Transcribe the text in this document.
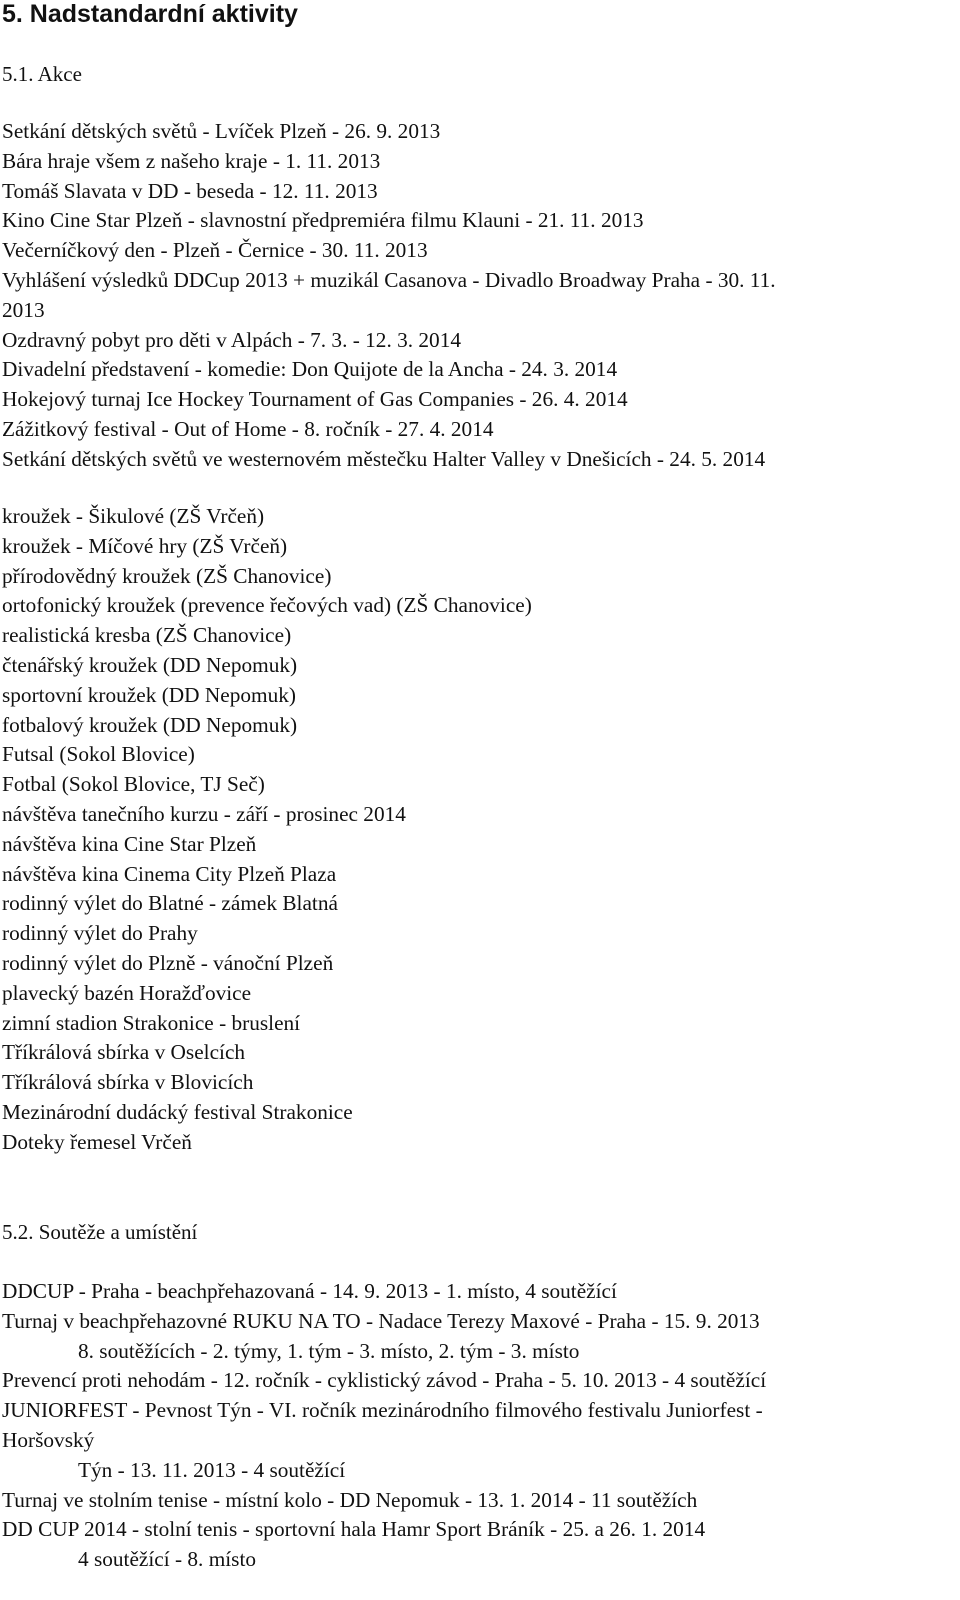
5. Nadstandardní aktivity
5.1. Akce
Setkání dětských světů - Lvíček Plzeň - 26. 9. 2013
Bára hraje všem z našeho kraje - 1. 11. 2013
Tomáš Slavata v DD - beseda - 12. 11. 2013
Kino Cine Star Plzeň - slavnostní předpremiéra filmu Klauni - 21. 11. 2013
Večerníčkový den - Plzeň - Černice - 30. 11. 2013
Vyhlášení výsledků DDCup 2013 + muzikál Casanova - Divadlo Broadway Praha - 30. 11.
2013
Ozdravný pobyt pro děti v Alpách - 7. 3. - 12. 3. 2014
Divadelní představení - komedie: Don Quijote de la Ancha - 24. 3. 2014
Hokejový turnaj Ice Hockey Tournament of Gas Companies - 26. 4. 2014
Zážitkový festival - Out of Home - 8. ročník - 27. 4. 2014
Setkání dětských světů ve westernovém městečku Halter Valley v Dnešicích - 24. 5. 2014
kroužek - Šikulové (ZŠ Vrčeň)
kroužek - Míčové hry (ZŠ Vrčeň)
přírodovědný kroužek (ZŠ Chanovice)
ortofonický kroužek (prevence řečových vad) (ZŠ Chanovice)
realistická kresba (ZŠ Chanovice)
čtenářský kroužek (DD Nepomuk)
sportovní kroužek (DD Nepomuk)
fotbalový kroužek (DD Nepomuk)
Futsal (Sokol Blovice)
Fotbal (Sokol Blovice, TJ Seč)
návštěva tanečního kurzu - září - prosinec 2014
návštěva kina Cine Star Plzeň
návštěva kina Cinema City Plzeň Plaza
rodinný výlet do Blatné - zámek Blatná
rodinný výlet do Prahy
rodinný výlet do Plzně - vánoční Plzeň
plavecký bazén Horažďovice
zimní stadion Strakonice - bruslení
Tříkrálová sbírka v Oselcích
Tříkrálová sbírka v Blovicích
Mezinárodní dudácký festival Strakonice
Doteky řemesel Vrčeň
5.2. Soutěže a umístění
DDCUP - Praha - beachpřehazovaná - 14. 9. 2013 - 1. místo, 4 soutěžící
Turnaj v beachpřehazovné RUKU NA TO - Nadace Terezy Maxové - Praha - 15. 9. 2013
8. soutěžících - 2. týmy, 1. tým - 3. místo, 2. tým - 3. místo
Prevencí proti nehodám - 12. ročník - cyklistický závod - Praha - 5. 10. 2013 - 4 soutěžící
JUNIORFEST - Pevnost Týn - VI. ročník mezinárodního filmového festivalu Juniorfest -
Horšovský
Týn - 13. 11. 2013 - 4 soutěžící
Turnaj ve stolním tenise - místní kolo - DD Nepomuk - 13. 1. 2014 - 11 soutěžích
DD CUP 2014 - stolní tenis - sportovní hala Hamr Sport Bráník - 25. a 26. 1. 2014
4 soutěžící - 8. místo
